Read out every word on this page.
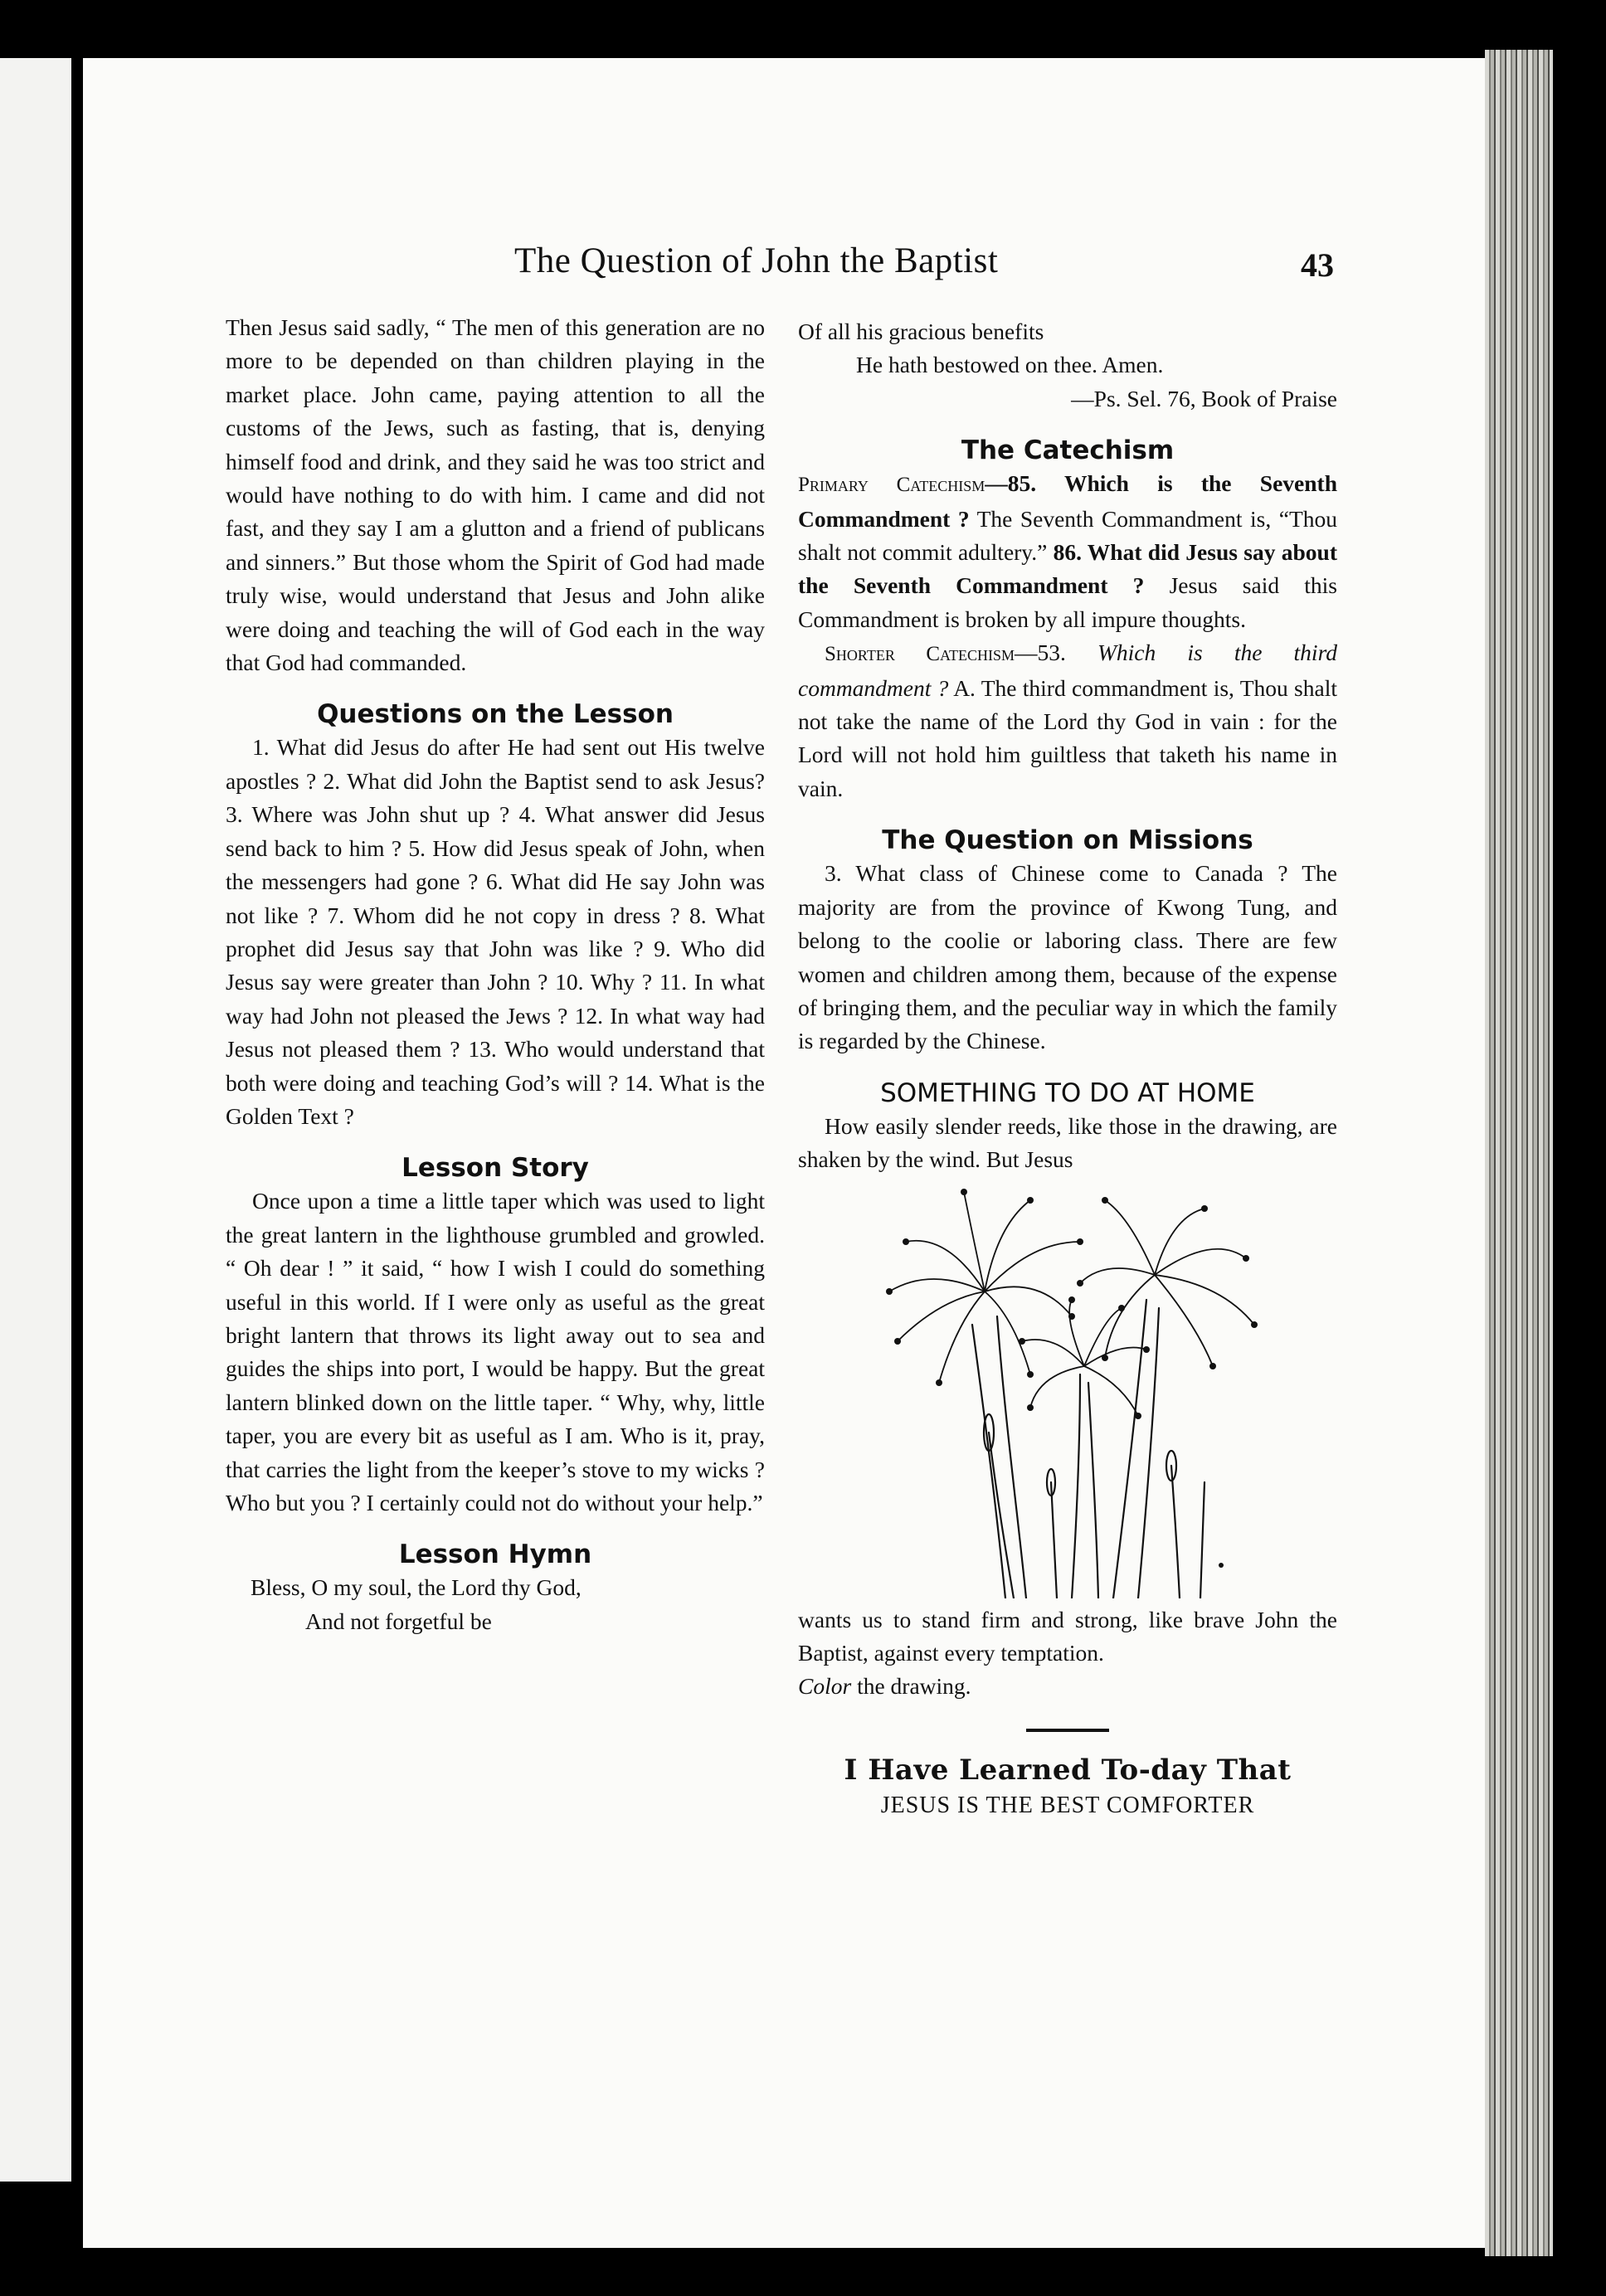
The Question of John the Baptist	43

Then Jesus said sadly, “ The men of this generation are no more to be depended on than children playing in the market place. John came, paying attention to all the customs of the Jews, such as fasting, that is, denying himself food and drink, and they said he was too strict and would have nothing to do with him. I came and did not fast, and they say I am a glutton and a friend of publicans and sinners.” But those whom the Spirit of God had made truly wise, would understand that Jesus and John alike were doing and teaching the will of God each in the way that God had commanded.

Questions on the Lesson

1. What did Jesus do after He had sent out His twelve apostles ? 2. What did John the Baptist send to ask Jesus? 3. Where was John shut up ? 4. What answer did Jesus send back to him ? 5. How did Jesus speak of John, when the messengers had gone ? 6. What did He say John was not like ? 7. Whom did he not copy in dress ? 8. What prophet did Jesus say that John was like ? 9. Who did Jesus say were greater than John ? 10. Why ? 11. In what way had John not pleased the Jews ? 12. In what way had Jesus not pleased them ? 13. Who would understand that both were doing and teaching God’s will ? 14. What is the Golden Text ?

Lesson Story

Once upon a time a little taper which was used to light the great lantern in the lighthouse grumbled and growled. “ Oh dear ! ” it said, “ how I wish I could do something useful in this world. If I were only as useful as the great bright lantern that throws its light away out to sea and guides the ships into port, I would be happy. But the great lantern blinked down on the little taper. “ Why, why, little taper, you are every bit as useful as I am. Who is it, pray, that carries the light from the keeper’s stove to my wicks ? Who but you ? I certainly could not do without your help.”

Lesson Hymn
Bless, O my soul, the Lord thy God,
And not forgetful be
Of all his gracious benefits
He hath bestowed on thee. Amen.

—Ps. Sel. 76, Book of Praise

The Catechism

Primary Catechism—85. Which is the Seventh Commandment ? The Seventh Commandment is, “Thou shalt not commit adultery.” 86. What did Jesus say about the Seventh Commandment ? Jesus said this Commandment is broken by all impure thoughts.

Shorter Catechism—53. Which is the third commandment ? A. The third commandment is, Thou shalt not take the name of the Lord thy God in vain : for the Lord will not hold him guiltless that taketh his name in vain.

The Question on Missions

3. What class of Chinese come to Canada ? The majority are from the province of Kwong Tung, and belong to the coolie or laboring class. There are few women and children among them, because of the expense of bringing them, and the peculiar way in which the family is regarded by the Chinese.

SOMETHING TO DO AT HOME

How easily slender reeds, like those in the drawing, are shaken by the wind. But Jesus

wants us to stand firm and strong, like brave John the Baptist, against every temptation.
Color the drawing.

I Have Learned To-day That
JESUS IS THE BEST COMFORTER
